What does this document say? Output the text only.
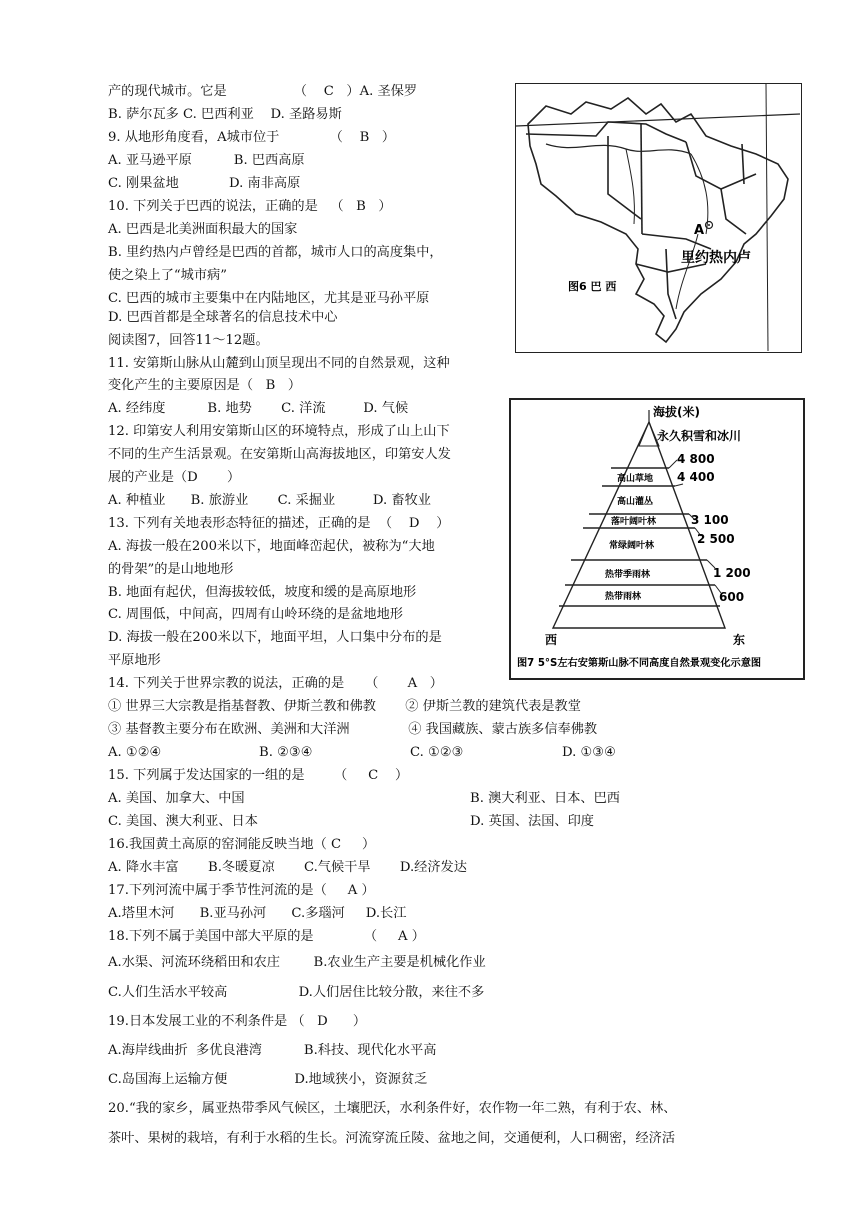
产的现代城市。它是                （    C   ）A. 圣保罗
B. 萨尔瓦多 C. 巴西利亚    D. 圣路易斯
9. 从地形角度看，A城市位于            （    B   ）
A. 亚马逊平原          B. 巴西高原
C. 刚果盆地            D. 南非高原
10. 下列关于巴西的说法，正确的是   （   B   ）
A. 巴西是北美洲面积最大的国家
B. 里约热内卢曾经是巴西的首都，城市人口的高度集中，
使之染上了“城市病”
C. 巴西的城市主要集中在内陆地区，尤其是亚马孙平原
D. 巴西首都是全球著名的信息技术中心
阅读图7，回答11～12题。
11. 安第斯山脉从山麓到山顶呈现出不同的自然景观，这种
变化产生的主要原因是（   B   ）
A. 经纬度          B. 地势       C. 洋流         D. 气候
12. 印第安人利用安第斯山区的环境特点，形成了山上山下
不同的生产生活景观。在安第斯山高海拔地区，印第安人发
展的产业是（D       ）
A. 种植业      B. 旅游业       C. 采掘业         D. 畜牧业
13. 下列有关地表形态特征的描述，正确的是  （    D    ）
A. 海拔一般在200米以下，地面峰峦起伏，被称为“大地
的骨架”的是山地地形
B. 地面有起伏，但海拔较低，坡度和缓的是高原地形
C. 周围低，中间高，四周有山岭环绕的是盆地地形
D. 海拔一般在200米以下，地面平坦，人口集中分布的是
平原地形
14. 下列关于世界宗教的说法，正确的是     （       A   ）
① 世界三大宗教是指基督教、伊斯兰教和佛教       ② 伊斯兰教的建筑代表是教堂
③ 基督教主要分布在欧洲、美洲和大洋洲              ④ 我国藏族、蒙古族多信奉佛教
A. ①②④	B. ②③④	C. ①②③	D. ①③④
15. 下列属于发达国家的一组的是       （     C    ）
A. 美国、加拿大、中国	B. 澳大利亚、日本、巴西
C. 美国、澳大利亚、日本	D. 英国、法国、印度
16.我国黄土高原的窑洞能反映当地（ C     ）
A. 降水丰富       B.冬暖夏凉       C.气候干旱       D.经济发达
17.下列河流中属于季节性河流的是（     A ）
A.塔里木河      B.亚马孙河      C.多瑙河     D.长江
18.下列不属于美国中部大平原的是            （     A ）
A.水渠、河流环绕稻田和农庄        B.农业生产主要是机械化作业
C.人们生活水平较高                 D.人们居住比较分散，来往不多
19.日本发展工业的不利条件是 （   D      ）
A.海岸线曲折  多优良港湾          B.科技、现代化水平高
C.岛国海上运输方便                D.地域狭小，资源贫乏
20.“我的家乡，属亚热带季风气候区，土壤肥沃，水利条件好，农作物一年二熟，有利于农、林、
茶叶、果树的栽培，有利于水稻的生长。河流穿流丘陵、盆地之间，交通便利，人口稠密，经济活
A
里约热内卢
图6 巴 西
海拔(米)
永久积雪和冰川
4 800
4 400
3 100
2 500
1 200
600
高山草地
高山灌丛
落叶阔叶林
常绿阔叶林
热带季雨林
热带雨林
西	东
图7 5°S左右安第斯山脉不同高度自然景观变化示意图
